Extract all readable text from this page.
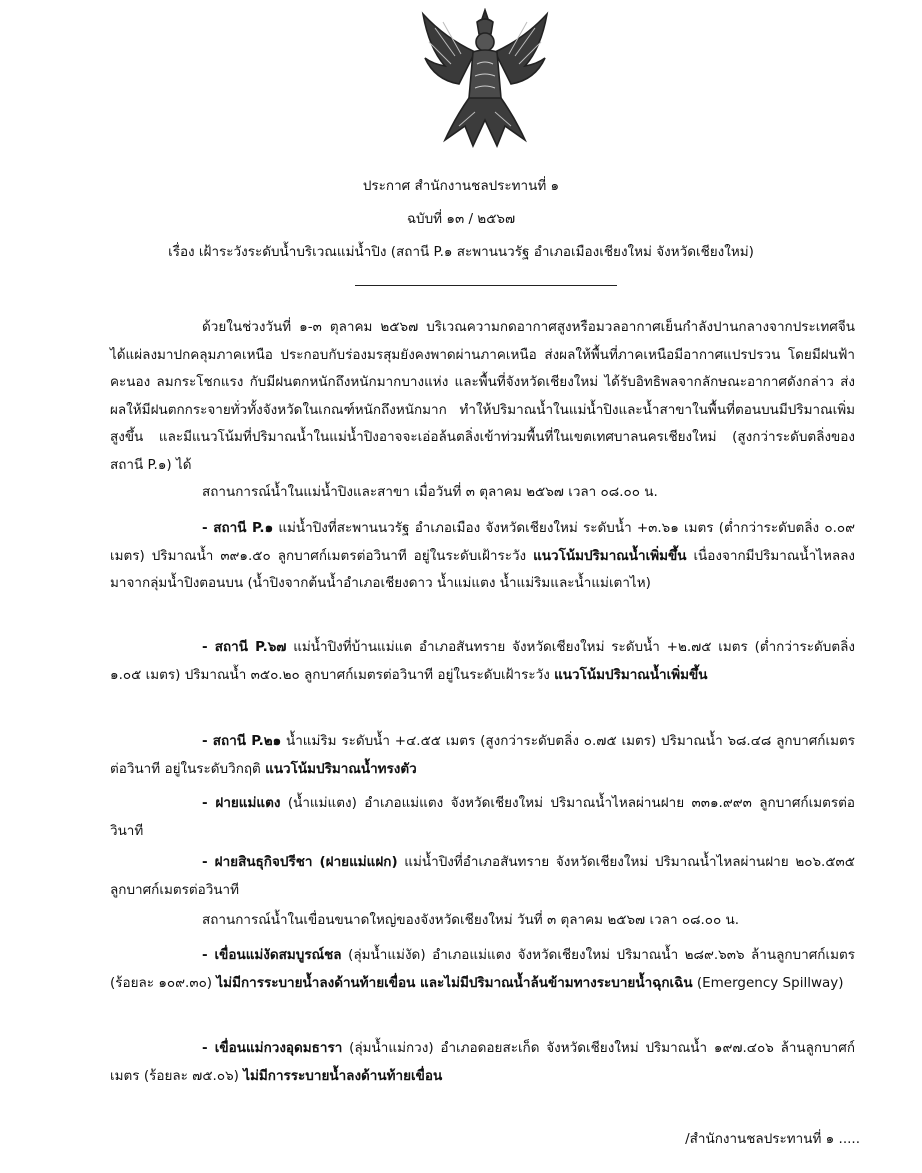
ประกาศ สำนักงานชลประทานที่ ๑
ฉบับที่ ๑๓ / ๒๕๖๗
เรื่อง เฝ้าระวังระดับน้ำบริเวณแม่น้ำปิง (สถานี P.๑ สะพานนวรัฐ อำเภอเมืองเชียงใหม่ จังหวัดเชียงใหม่)

ด้วยในช่วงวันที่ ๑-๓ ตุลาคม ๒๕๖๗ บริเวณความกดอากาศสูงหรือมวลอากาศเย็นกำลังปานกลางจากประเทศจีนได้แผ่ลงมาปกคลุมภาคเหนือ ประกอบกับร่องมรสุมยังคงพาดผ่านภาคเหนือ ส่งผลให้พื้นที่ภาคเหนือมีอากาศแปรปรวน โดยมีฝนฟ้าคะนอง ลมกระโชกแรง กับมีฝนตกหนักถึงหนักมากบางแห่ง และพื้นที่จังหวัดเชียงใหม่ ได้รับอิทธิพลจากลักษณะอากาศดังกล่าว ส่งผลให้มีฝนตกกระจายทั่วทั้งจังหวัดในเกณฑ์หนักถึงหนักมาก ทำให้ปริมาณน้ำในแม่น้ำปิงและน้ำสาขาในพื้นที่ตอนบนมีปริมาณเพิ่มสูงขึ้น และมีแนวโน้มที่ปริมาณน้ำในแม่น้ำปิงอาจจะเอ่อล้นตลิ่งเข้าท่วมพื้นที่ในเขตเทศบาลนครเชียงใหม่ (สูงกว่าระดับตลิ่งของสถานี P.๑) ได้

สถานการณ์น้ำในแม่น้ำปิงและสาขา เมื่อวันที่ ๓ ตุลาคม ๒๕๖๗ เวลา ๐๘.๐๐ น.

- สถานี P.๑ แม่น้ำปิงที่สะพานนวรัฐ อำเภอเมือง จังหวัดเชียงใหม่ ระดับน้ำ +๓.๖๑ เมตร (ต่ำกว่าระดับตลิ่ง ๐.๐๙ เมตร) ปริมาณน้ำ ๓๙๑.๕๐ ลูกบาศก์เมตรต่อวินาที อยู่ในระดับเฝ้าระวัง แนวโน้มปริมาณน้ำเพิ่มขึ้น เนื่องจากมีปริมาณน้ำไหลลงมาจากลุ่มน้ำปิงตอนบน (น้ำปิงจากต้นน้ำอำเภอเชียงดาว น้ำแม่แตง น้ำแม่ริมและน้ำแม่เตาไห)

- สถานี P.๖๗ แม่น้ำปิงที่บ้านแม่แต อำเภอสันทราย จังหวัดเชียงใหม่ ระดับน้ำ +๒.๗๕ เมตร (ต่ำกว่าระดับตลิ่ง ๑.๐๕ เมตร) ปริมาณน้ำ ๓๕๐.๒๐ ลูกบาศก์เมตรต่อวินาที อยู่ในระดับเฝ้าระวัง แนวโน้มปริมาณน้ำเพิ่มขึ้น

- สถานี P.๒๑ น้ำแม่ริม ระดับน้ำ +๔.๕๕ เมตร (สูงกว่าระดับตลิ่ง ๐.๗๕ เมตร) ปริมาณน้ำ ๖๘.๔๘ ลูกบาศก์เมตรต่อวินาที อยู่ในระดับวิกฤติ แนวโน้มปริมาณน้ำทรงตัว

- ฝายแม่แตง (น้ำแม่แตง) อำเภอแม่แตง จังหวัดเชียงใหม่ ปริมาณน้ำไหลผ่านฝาย ๓๓๑.๙๙๓ ลูกบาศก์เมตรต่อวินาที

- ฝายสินธุกิจปรีชา (ฝายแม่แฝก) แม่น้ำปิงที่อำเภอสันทราย จังหวัดเชียงใหม่ ปริมาณน้ำไหลผ่านฝาย ๒๐๖.๕๓๕ ลูกบาศก์เมตรต่อวินาที

สถานการณ์น้ำในเขื่อนขนาดใหญ่ของจังหวัดเชียงใหม่ วันที่ ๓ ตุลาคม ๒๕๖๗ เวลา ๐๘.๐๐ น.

- เขื่อนแม่งัดสมบูรณ์ชล (ลุ่มน้ำแม่งัด) อำเภอแม่แตง จังหวัดเชียงใหม่ ปริมาณน้ำ ๒๘๙.๖๓๖ ล้านลูกบาศก์เมตร (ร้อยละ ๑๐๙.๓๐) ไม่มีการระบายน้ำลงด้านท้ายเขื่อน และไม่มีปริมาณน้ำล้นข้ามทางระบายน้ำฉุกเฉิน (Emergency Spillway)

- เขื่อนแม่กวงอุดมธารา (ลุ่มน้ำแม่กวง) อำเภอดอยสะเก็ด จังหวัดเชียงใหม่ ปริมาณน้ำ ๑๙๗.๔๐๖ ล้านลูกบาศก์เมตร (ร้อยละ ๗๕.๐๖) ไม่มีการระบายน้ำลงด้านท้ายเขื่อน

/สำนักงานชลประทานที่ ๑ .....
